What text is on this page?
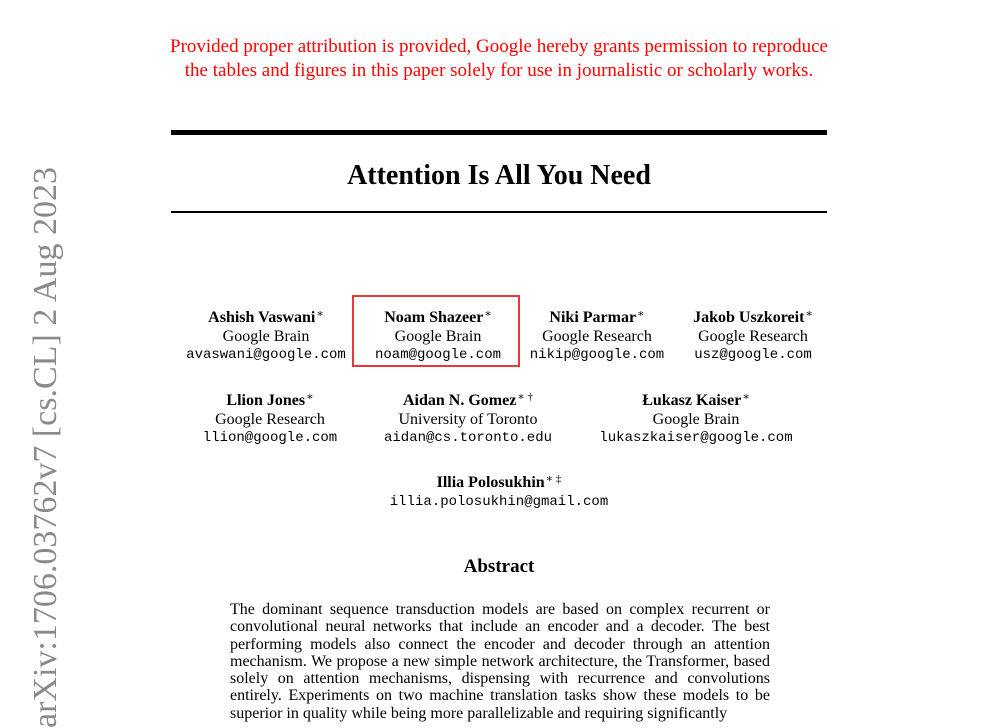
Provided proper attribution is provided, Google hereby grants permission to reproduce the tables and figures in this paper solely for use in journalistic or scholarly works.
arXiv:1706.03762v7 [cs.CL] 2 Aug 2023	Attention Is All You Need
Ashish Vaswani∗
Google Brain
avaswani@google.com
Noam Shazeer∗
Google Brain
noam@google.com
Niki Parmar∗
Google Research
nikip@google.com
Jakob Uszkoreit∗
Google Research
usz@google.com
Llion Jones∗
Google Research
llion@google.com
Aidan N. Gomez∗ †
University of Toronto
aidan@cs.toronto.edu
Łukasz Kaiser∗
Google Brain
lukaszkaiser@google.com
Illia Polosukhin∗ ‡
illia.polosukhin@gmail.com
Abstract
The dominant sequence transduction models are based on complex recurrent or convolutional neural networks that include an encoder and a decoder. The best performing models also connect the encoder and decoder through an attention mechanism. We propose a new simple network architecture, the Transformer, based solely on attention mechanisms, dispensing with recurrence and convolutions entirely. Experiments on two machine translation tasks show these models to be superior in quality while being more parallelizable and requiring significantly
